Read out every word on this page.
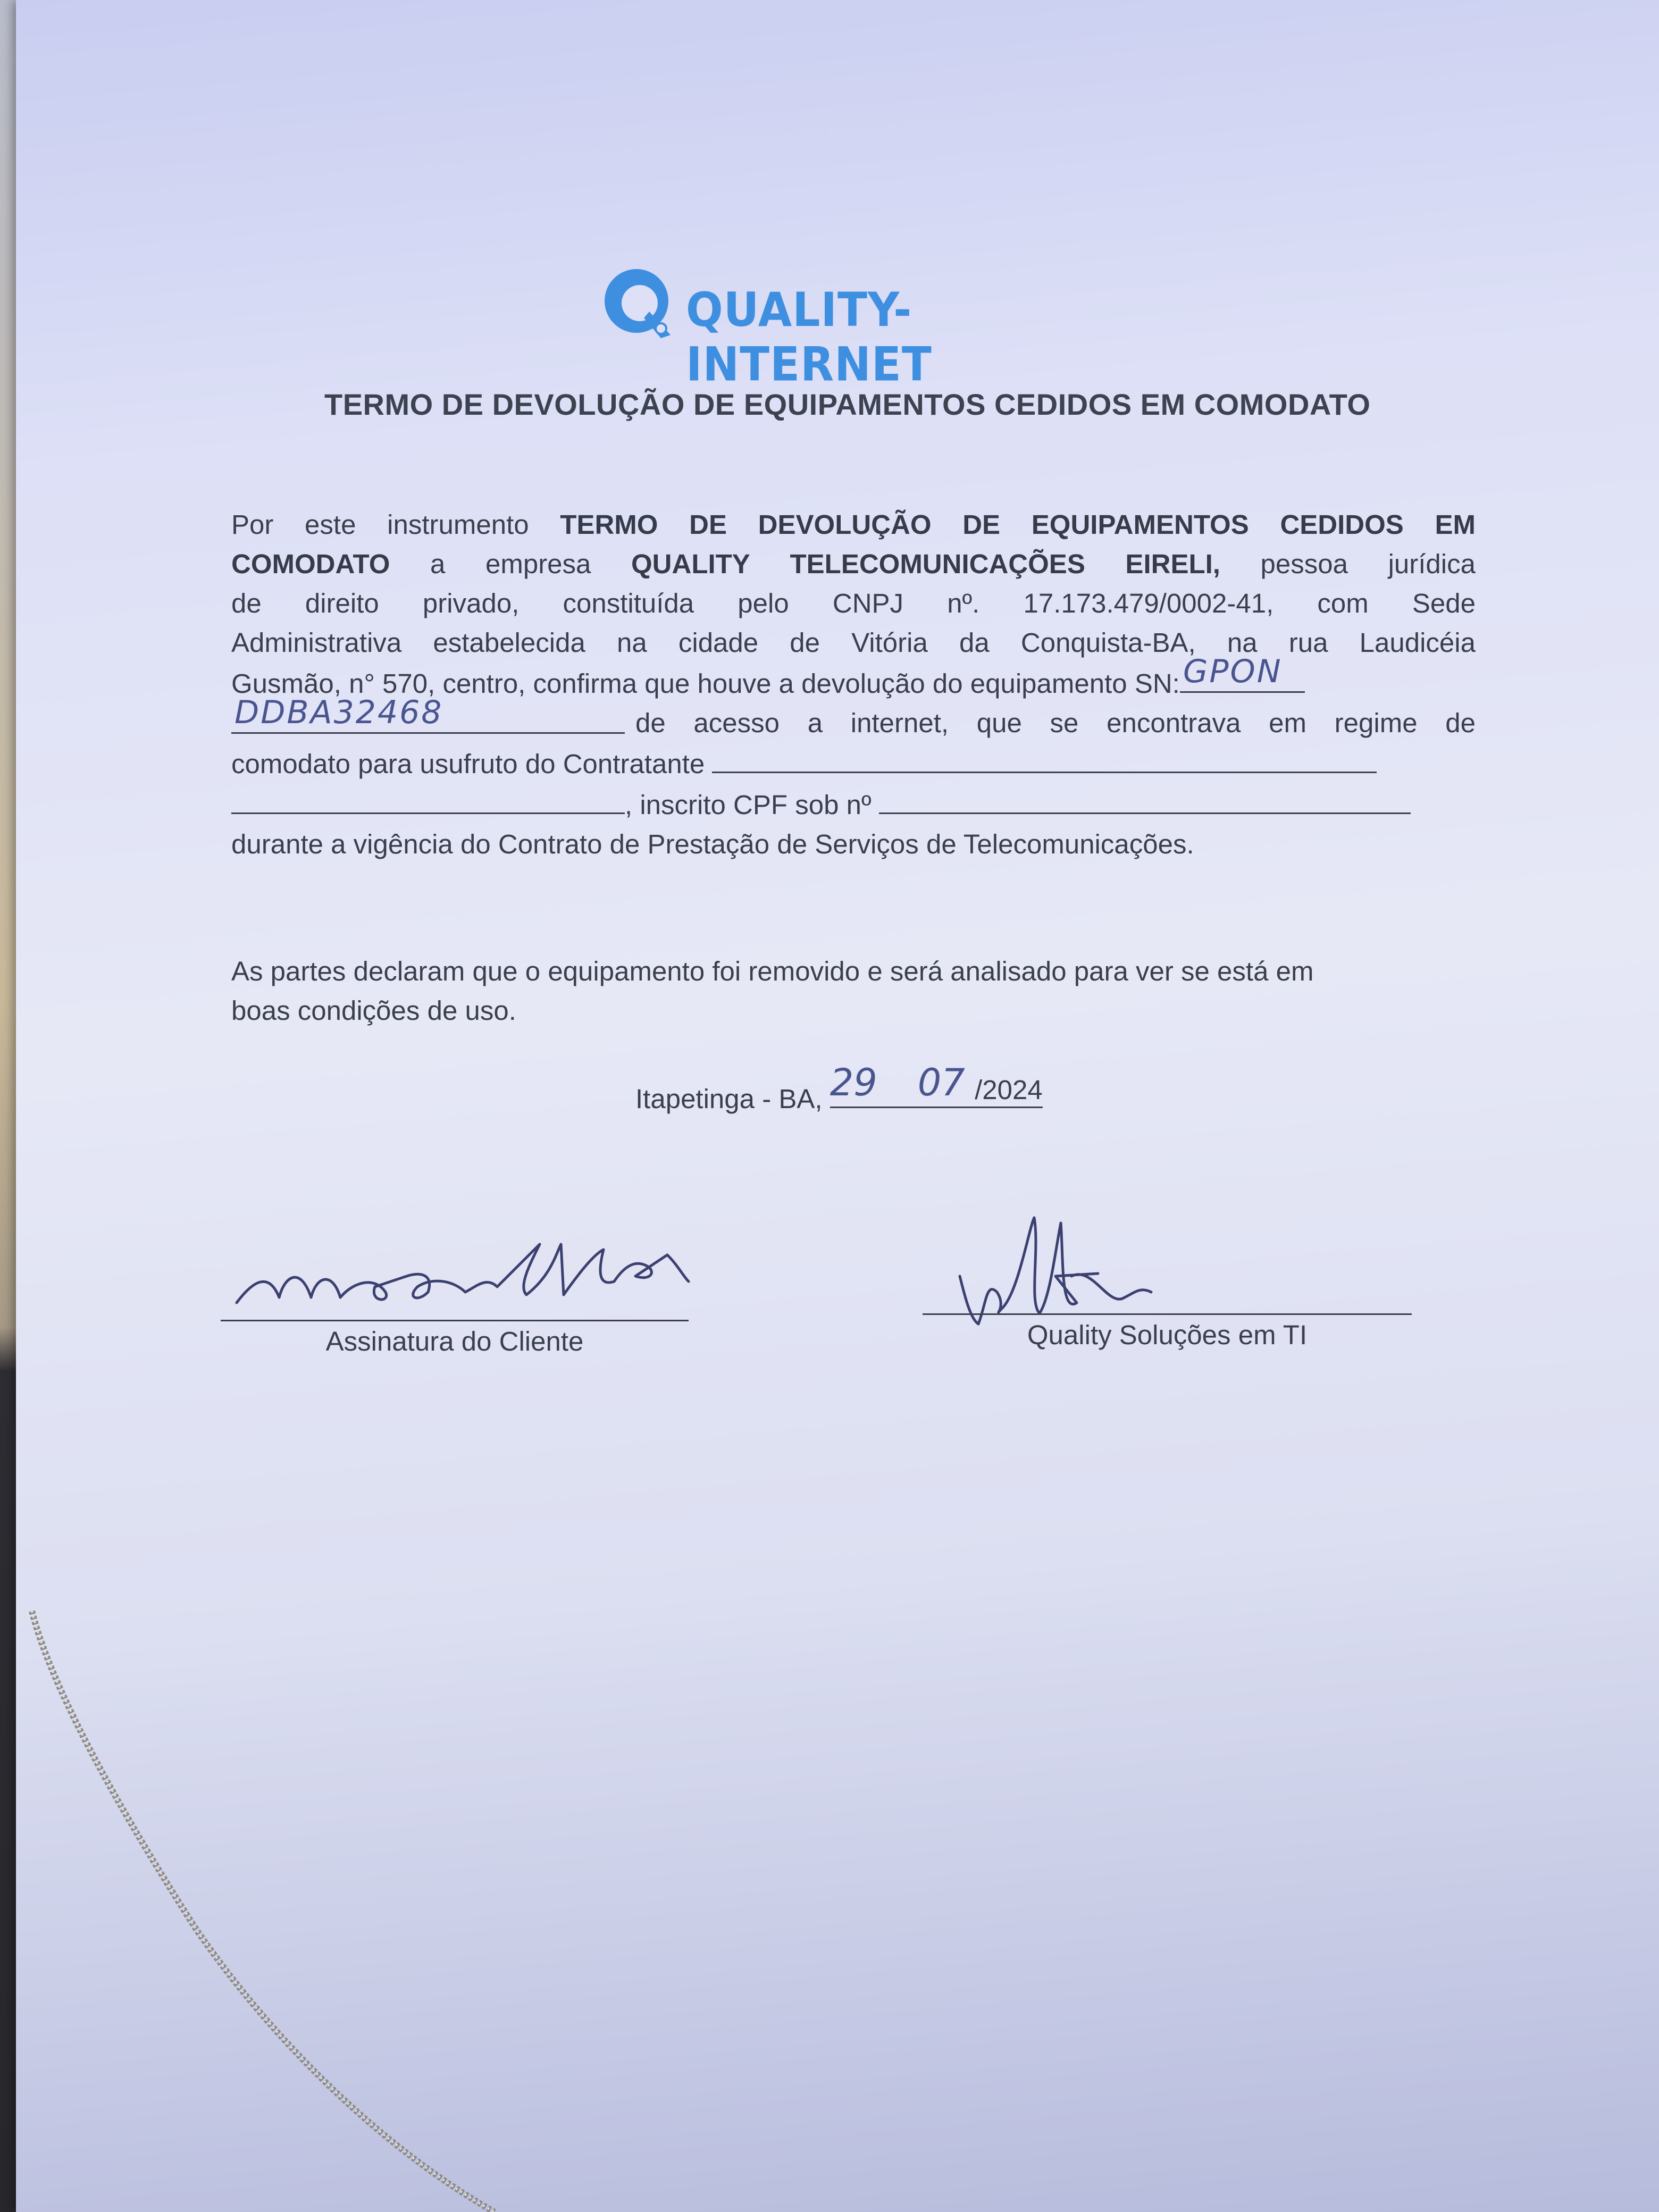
QUALITY-INTERNET
TERMO DE DEVOLUÇÃO DE EQUIPAMENTOS CEDIDOS EM COMODATO
Por este instrumento TERMO DE DEVOLUÇÃO DE EQUIPAMENTOS CEDIDOS EM
COMODATO a empresa QUALITY TELECOMUNICAÇÕES EIRELI, pessoa jurídica
de direito privado, constituída pelo CNPJ nº. 17.173.479/0002-41, com Sede
Administrativa estabelecida na cidade de Vitória da Conquista-BA, na rua Laudicéia
Gusmão, n° 570, centro, confirma que houve a devolução do equipamento SN: GPON
DDBA32468	de acesso a internet, que se encontrava em regime de
comodato para usufruto do Contratante
, inscrito CPF sob nº
durante a vigência do Contrato de Prestação de Serviços de Telecomunicações.
As partes declaram que o equipamento foi removido e será analisado para ver se está em
boas condições de uso.
Itapetinga - BA, 29 07 /2024
Assinatura do Cliente	Quality Soluções em TI
